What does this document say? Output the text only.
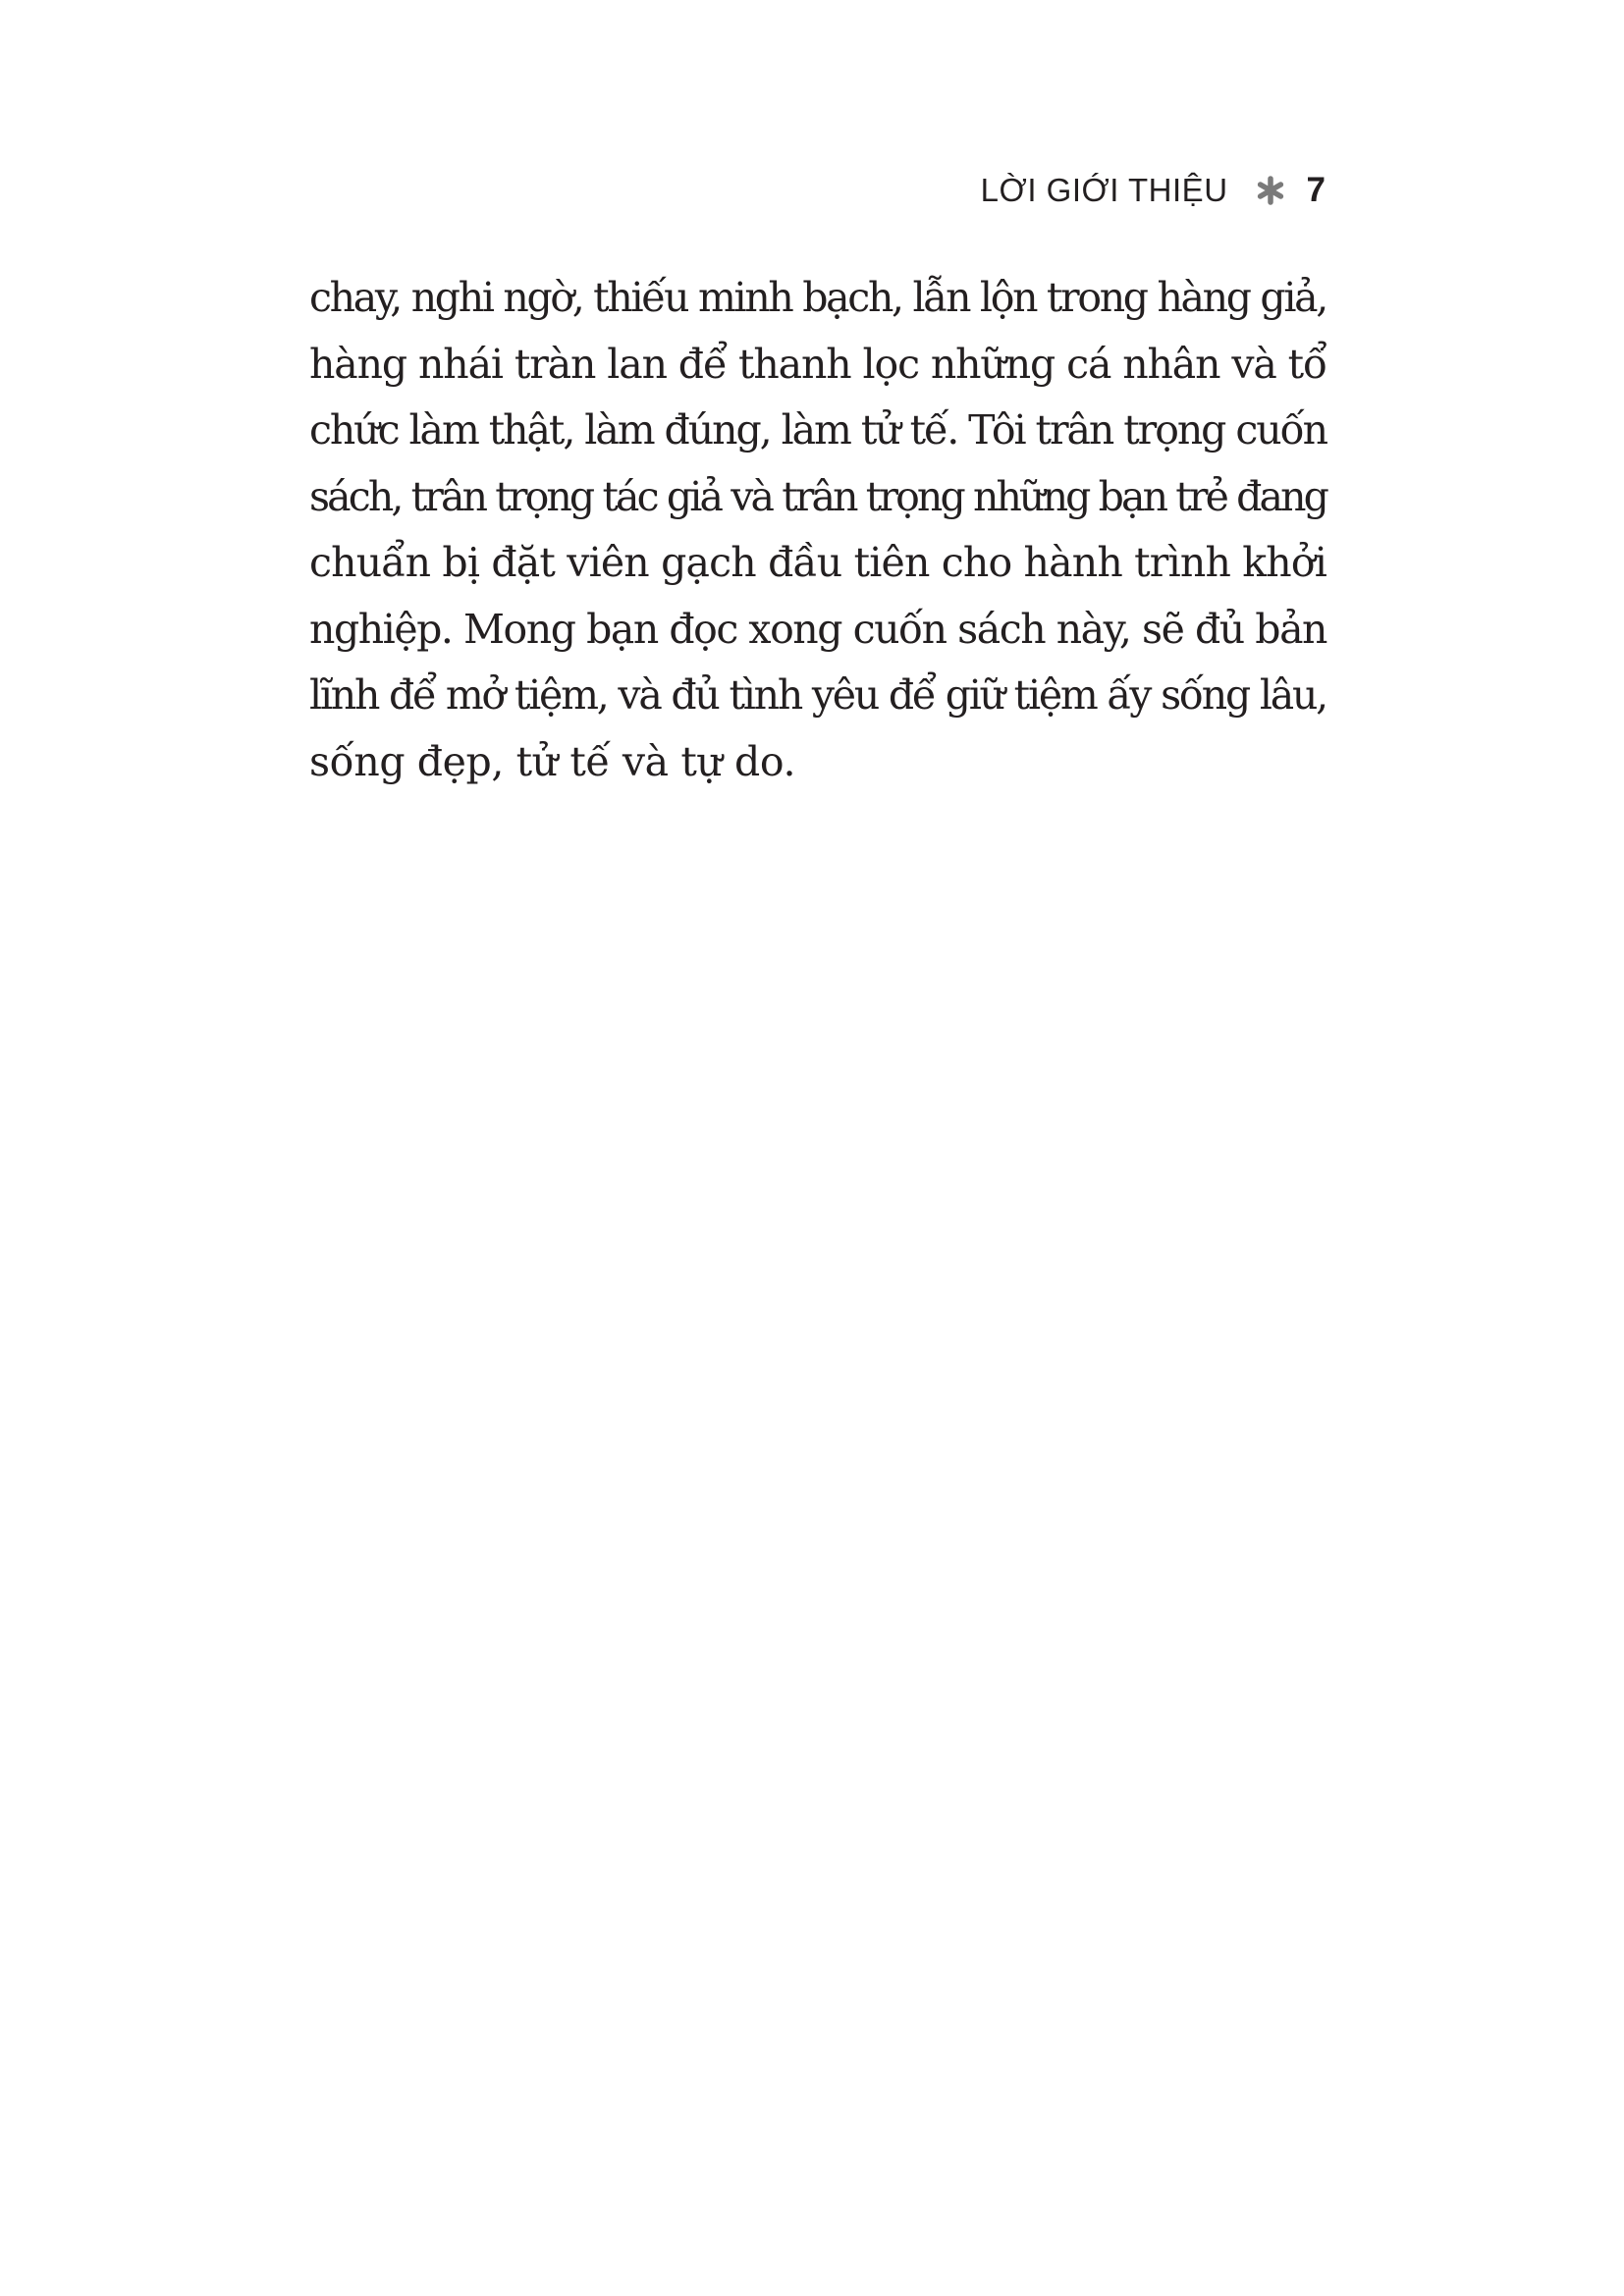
LỜI GIỚI THIỆU 7
chay, nghi ngờ, thiếu minh bạch, lẫn lộn trong hàng giả,
hàng nhái tràn lan để thanh lọc những cá nhân và tổ
chức làm thật, làm đúng, làm tử tế. Tôi trân trọng cuốn
sách, trân trọng tác giả và trân trọng những bạn trẻ đang
chuẩn bị đặt viên gạch đầu tiên cho hành trình khởi
nghiệp. Mong bạn đọc xong cuốn sách này, sẽ đủ bản
lĩnh để mở tiệm, và đủ tình yêu để giữ tiệm ấy sống lâu,
sống đẹp, tử tế và tự do.
